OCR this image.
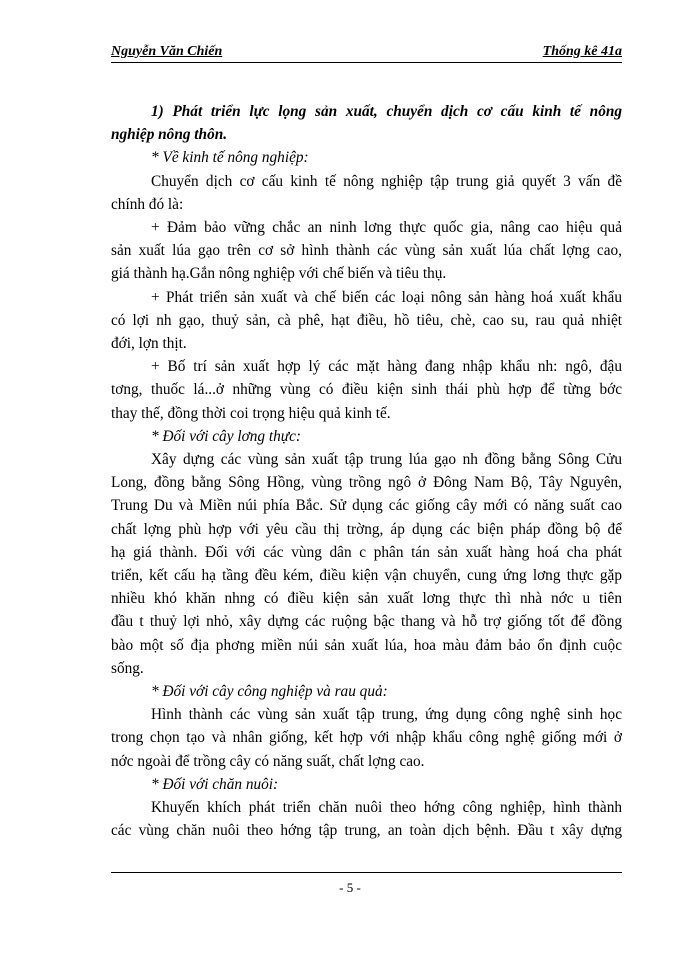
Nguyễn Văn Chiến	Thống kê 41a

1) Phát triển lực lọng sản xuất, chuyển dịch cơ cấu kinh tế nông
nghiệp nông thôn.

* Về kinh tế nông nghiệp:

Chuyển dịch cơ cấu kinh tế nông nghiệp tập trung giả quyết 3 vấn đề
chính đó là:

+ Đảm bảo vững chắc an ninh lơng thực quốc gia, nâng cao hiệu quả
sản xuất lúa gạo trên cơ sở hình thành các vùng sản xuất lúa chất lợng cao,
giá thành hạ.Gắn nông nghiệp với chế biến và tiêu thụ.

+ Phát triển sản xuất và chế biến các loại nông sản hàng hoá xuất khẩu
có lợi nh gạo, thuỷ sản, cà phê, hạt điều, hồ tiêu, chè, cao su, rau quả nhiệt
đới, lợn thịt.

+ Bố trí sản xuất hợp lý các mặt hàng đang nhập khẩu nh: ngô, đậu
tơng, thuốc lá...ở những vùng có điều kiện sinh thái phù hợp để từng bớc
thay thế, đồng thời coi trọng hiệu quả kinh tế.

* Đối với cây lơng thực:

Xây dựng các vùng sản xuất tập trung lúa gạo nh đồng bằng Sông Cửu
Long, đồng bằng Sông Hồng, vùng trồng ngô ở Đông Nam Bộ, Tây Nguyên,
Trung Du và Miền núi phía Bắc. Sử dụng các giống cây mới có năng suất cao
chất lợng phù hợp với yêu cầu thị trờng, áp dụng các biện pháp đồng bộ để
hạ giá thành. Đối với các vùng dân c phân tán sản xuất hàng hoá cha phát
triển, kết cấu hạ tầng đều kém, điều kiện vận chuyển, cung ứng lơng thực gặp
nhiều khó khăn nhng có điều kiện sản xuất lơng thực thì nhà nớc u tiên
đầu t thuỷ lợi nhỏ, xây dựng các ruộng bậc thang và hỗ trợ giống tốt để đồng
bào một số địa phơng miền núi sản xuất lúa, hoa màu đảm bảo ổn định cuộc
sống.

* Đối với cây công nghiệp và rau quả:

Hình thành các vùng sản xuất tập trung, ứng dụng công nghệ sinh học
trong chọn tạo và nhân giống, kết hợp với nhập khẩu công nghệ giống mới ở
nớc ngoài để trồng cây có năng suất, chất lợng cao.

* Đối với chăn nuôi:

Khuyến khích phát triển chăn nuôi theo hớng công nghiệp, hình thành
các vùng chăn nuôi theo hớng tập trung, an toàn dịch bệnh. Đầu t xây dựng

- 5 -
